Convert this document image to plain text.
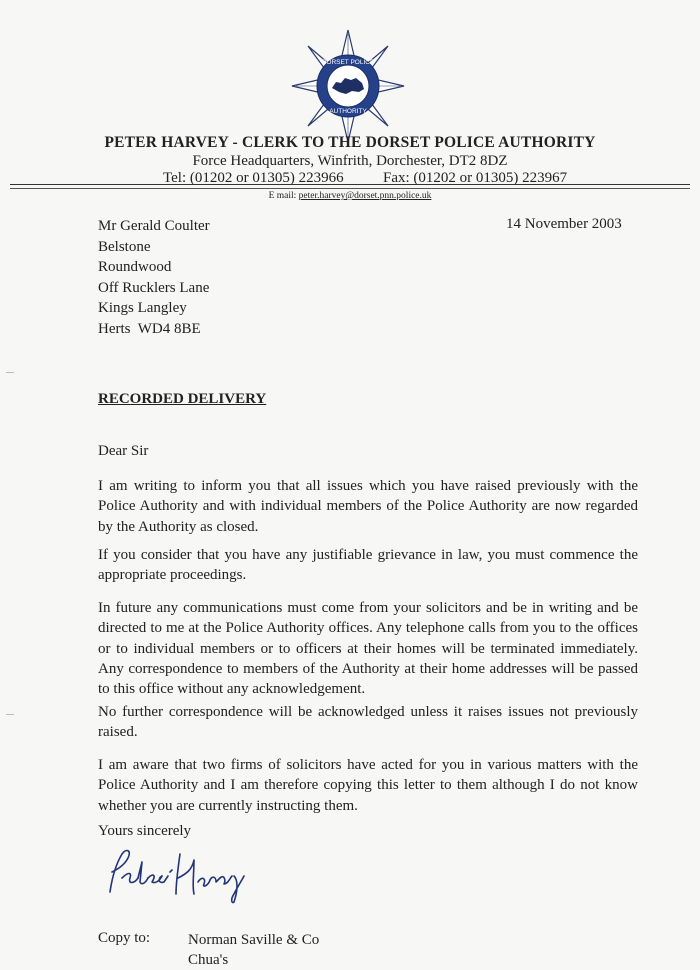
DORSET POLICE
AUTHORITY
PETER HARVEY - CLERK TO THE DORSET POLICE AUTHORITY
Force Headquarters, Winfrith, Dorchester, DT2 8DZ
Tel: (01202 or 01305) 223966	Fax: (01202 or 01305) 223967
E mail: peter.harvey@dorset.pnn.police.uk
Mr Gerald Coulter
Belstone
Roundwood
Off Rucklers Lane
Kings Langley
Herts  WD4 8BE
14 November 2003
RECORDED DELIVERY
Dear Sir
I am writing to inform you that all issues which you have raised previously with the Police Authority and with individual members of the Police Authority are now regarded by the Authority as closed.
If you consider that you have any justifiable grievance in law, you must commence the appropriate proceedings.
In future any communications must come from your solicitors and be in writing and be directed to me at the Police Authority offices. Any telephone calls from you to the offices or to individual members or to officers at their homes will be terminated immediately. Any correspondence to members of the Authority at their home addresses will be passed to this office without any acknowledgement.
No further correspondence will be acknowledged unless it raises issues not previously raised.
I am aware that two firms of solicitors have acted for you in various matters with the Police Authority and I am therefore copying this letter to them although I do not know whether you are currently instructing them.
Yours sincerely
Copy to:	Norman Saville & Co
Chua's
